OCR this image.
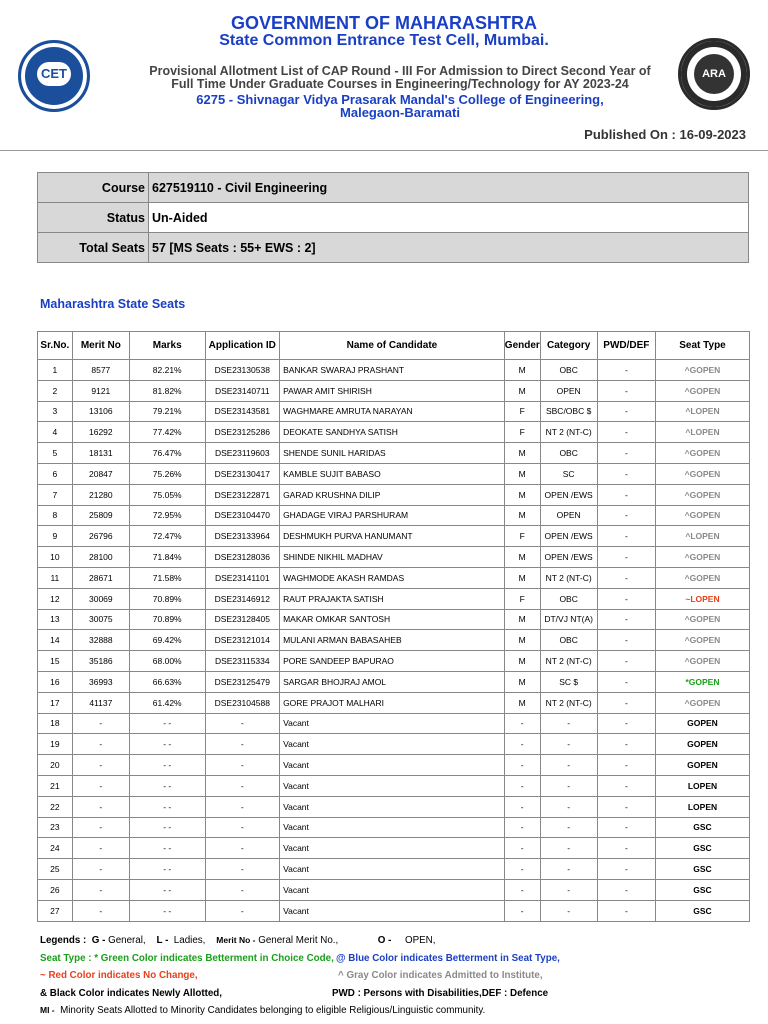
CET
GOVERNMENT OF MAHARASHTRA
State Common Entrance Test Cell, Mumbai.
Provisional Allotment List of CAP Round - III For Admission to Direct Second Year of
Full Time Under Graduate Courses in Engineering/Technology for AY 2023-24
6275 - Shivnagar Vidya Prasarak Mandal's College of Engineering,
Malegaon-Baramati
ARA
Published On : 16-09-2023
Course	627519110 - Civil Engineering
Status	Un-Aided
Total Seats	57 [MS Seats : 55+ EWS : 2]
Maharashtra State Seats
Sr.No.	Merit No	Marks	Application ID	Name of Candidate	Gender	Category	PWD/DEF	Seat Type
1	8577	82.21%	DSE23130538	BANKAR SWARAJ PRASHANT	M	OBC	-	^GOPEN
2	9121	81.82%	DSE23140711	PAWAR AMIT SHIRISH	M	OPEN	-	^GOPEN
3	13106	79.21%	DSE23143581	WAGHMARE AMRUTA NARAYAN	F	SBC/OBC $	-	^LOPEN
4	16292	77.42%	DSE23125286	DEOKATE SANDHYA SATISH	F	NT 2 (NT-C)	-	^LOPEN
5	18131	76.47%	DSE23119603	SHENDE SUNIL HARIDAS	M	OBC	-	^GOPEN
6	20847	75.26%	DSE23130417	KAMBLE SUJIT BABASO	M	SC	-	^GOPEN
7	21280	75.05%	DSE23122871	GARAD KRUSHNA DILIP	M	OPEN /EWS	-	^GOPEN
8	25809	72.95%	DSE23104470	GHADAGE VIRAJ PARSHURAM	M	OPEN	-	^GOPEN
9	26796	72.47%	DSE23133964	DESHMUKH PURVA HANUMANT	F	OPEN /EWS	-	^LOPEN
10	28100	71.84%	DSE23128036	SHINDE NIKHIL MADHAV	M	OPEN /EWS	-	^GOPEN
11	28671	71.58%	DSE23141101	WAGHMODE AKASH RAMDAS	M	NT 2 (NT-C)	-	^GOPEN
12	30069	70.89%	DSE23146912	RAUT PRAJAKTA SATISH	F	OBC	-	~LOPEN
13	30075	70.89%	DSE23128405	MAKAR OMKAR SANTOSH	M	DT/VJ NT(A)	-	^GOPEN
14	32888	69.42%	DSE23121014	MULANI ARMAN BABASAHEB	M	OBC	-	^GOPEN
15	35186	68.00%	DSE23115334	PORE SANDEEP BAPURAO	M	NT 2 (NT-C)	-	^GOPEN
16	36993	66.63%	DSE23125479	SARGAR BHOJRAJ AMOL	M	SC $	-	*GOPEN
17	41137	61.42%	DSE23104588	GORE PRAJOT MALHARI	M	NT 2 (NT-C)	-	^GOPEN
18	-	- -	-	Vacant	-	-	-	GOPEN
19	-	- -	-	Vacant	-	-	-	GOPEN
20	-	- -	-	Vacant	-	-	-	GOPEN
21	-	- -	-	Vacant	-	-	-	LOPEN
22	-	- -	-	Vacant	-	-	-	LOPEN
23	-	- -	-	Vacant	-	-	-	GSC
24	-	- -	-	Vacant	-	-	-	GSC
25	-	- -	-	Vacant	-	-	-	GSC
26	-	- -	-	Vacant	-	-	-	GSC
27	-	- -	-	Vacant	-	-	-	GSC
Legends : G - General, L - Ladies, Merit No - General Merit No.,	O - OPEN,
Seat Type : * Green Color indicates Betterment in Choice Code, @ Blue Color indicates Betterment in Seat Type,
~ Red Color indicates No Change,	^ Gray Color indicates Admitted to Institute,
& Black Color indicates Newly Allotted,	PWD : Persons with Disabilities,DEF : Defence
MI - Minority Seats Allotted to Minority Candidates belonging to eligible Religious/Linguistic community.
